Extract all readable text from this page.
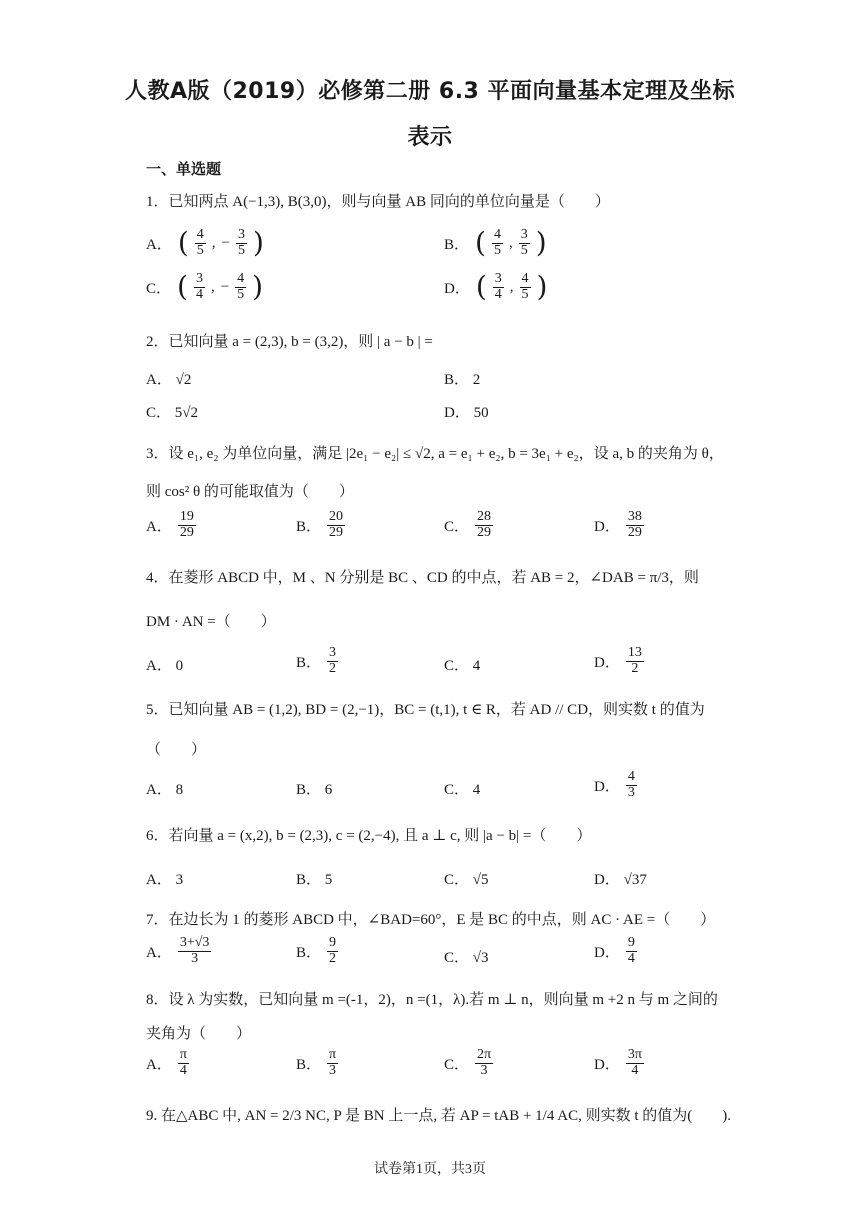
人教A版（2019）必修第二册 6.3 平面向量基本定理及坐标
表示
一、单选题
1．已知两点 A(−1,3), B(3,0)，则与向量 AB 同向的单位向量是（　　）
A． ( $\frac{4}{5}$ , − $\frac{3}{5}$ )	B． ( $\frac{4}{5}$ , $\frac{3}{5}$ )
C． ( $\frac{3}{4}$ , − $\frac{4}{5}$ )	D． ( $\frac{3}{4}$ , $\frac{4}{5}$ )
2．已知向量 a = (2,3), b = (3,2)，则 | a − b | =
A． √2	B． 2
C． 5√2	D． 50
3．设 e₁, e₂ 为单位向量，满足 |2e₁ − e₂| ≤ √2, a = e₁ + e₂, b = 3e₁ + e₂，设 a, b 的夹角为 θ，
则 cos² θ 的可能取值为（　　）
A． $\frac{19}{29}$	B． $\frac{20}{29}$	C． $\frac{28}{29}$	D． $\frac{38}{29}$
4．在菱形 ABCD 中，M 、N 分别是 BC 、CD 的中点，若 AB = 2，∠DAB = π/3，则
DM · AN =（　　）
A． 0	B． $\frac{3}{2}$	C． 4	D． $\frac{13}{2}$
5．已知向量 AB = (1,2), BD = (2,−1)，BC = (t,1), t ∈ R，若 AD // CD，则实数 t 的值为
（　　）
A． 8	B． 6	C． 4	D． $\frac{4}{3}$
6．若向量 a = (x,2), b = (2,3), c = (2,−4), 且 a ⊥ c, 则 |a − b| =（　　）
A． 3	B． 5	C． √5	D． √37
7．在边长为 1 的菱形 ABCD 中，∠BAD=60°，E 是 BC 的中点，则 AC · AE =（　　）
A． $\frac{3+√3}{3}$	B． $\frac{9}{2}$	C． √3	D． $\frac{9}{4}$
8．设 λ 为实数，已知向量 m =(-1，2)，n =(1，λ).若 m ⊥ n，则向量 m +2 n 与 m 之间的
夹角为（　　）
A． $\frac{\pi}{4}$	B． $\frac{\pi}{3}$	C． $\frac{2\pi}{3}$	D． $\frac{3\pi}{4}$
9. 在△ABC 中, AN = 2/3 NC, P 是 BN 上一点, 若 AP = tAB + 1/4 AC, 则实数 t 的值为(　　).
试卷第1页，共3页
